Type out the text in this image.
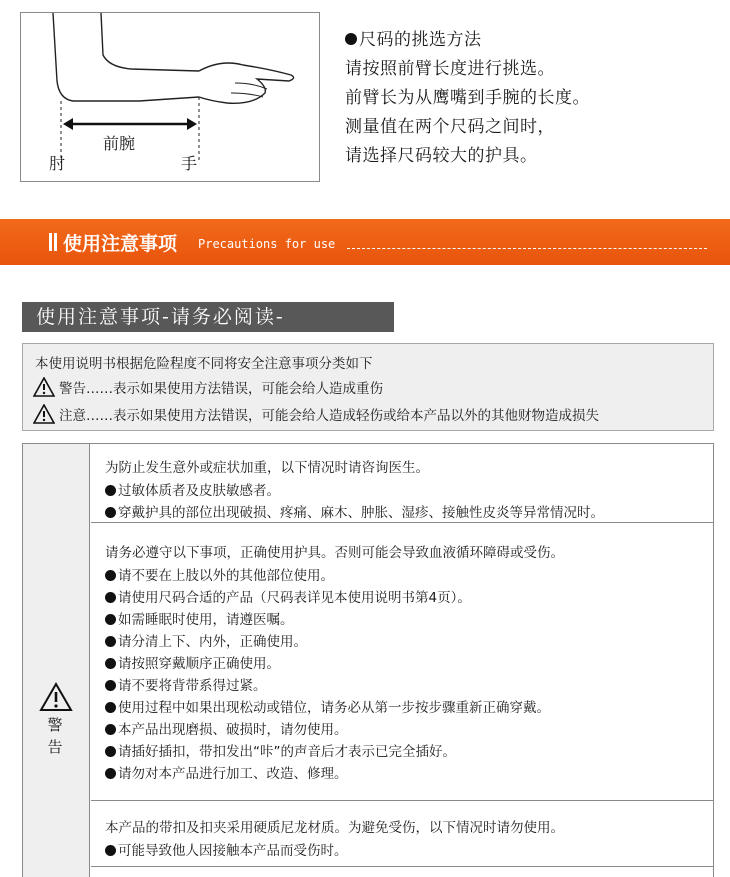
前腕
肘	手

尺码的挑选方法

请按照前臂长度进行挑选。

前臂长为从鹰嘴到手腕的长度。

测量值在两个尺码之间时，

请选择尺码较大的护具。

使用注意事项 Precautions for use
使用注意事项-请务必阅读-

本使用说明书根据危险程度不同将安全注意事项分类如下

警告……表示如果使用方法错误，可能会给人造成重伤

注意……表示如果使用方法错误，可能会给人造成轻伤或给本产品以外的其他财物造成损失

警
告

为防止发生意外或症状加重，以下情况时请咨询医生。

过敏体质者及皮肤敏感者。

穿戴护具的部位出现破损、疼痛、麻木、肿胀、湿疹、接触性皮炎等异常情况时。

请务必遵守以下事项，正确使用护具。否则可能会导致血液循环障碍或受伤。

请不要在上肢以外的其他部位使用。

请使用尺码合适的产品（尺码表详见本使用说明书第4页）。

如需睡眠时使用，请遵医嘱。

请分清上下、内外，正确使用。

请按照穿戴顺序正确使用。

请不要将背带系得过紧。

使用过程中如果出现松动或错位，请务必从第一步按步骤重新正确穿戴。

本产品出现磨损、破损时，请勿使用。

请插好插扣，带扣发出“咔”的声音后才表示已完全插好。

请勿对本产品进行加工、改造、修理。

本产品的带扣及扣夹采用硬质尼龙材质。为避免受伤，以下情况时请勿使用。

可能导致他人因接触本产品而受伤时。
